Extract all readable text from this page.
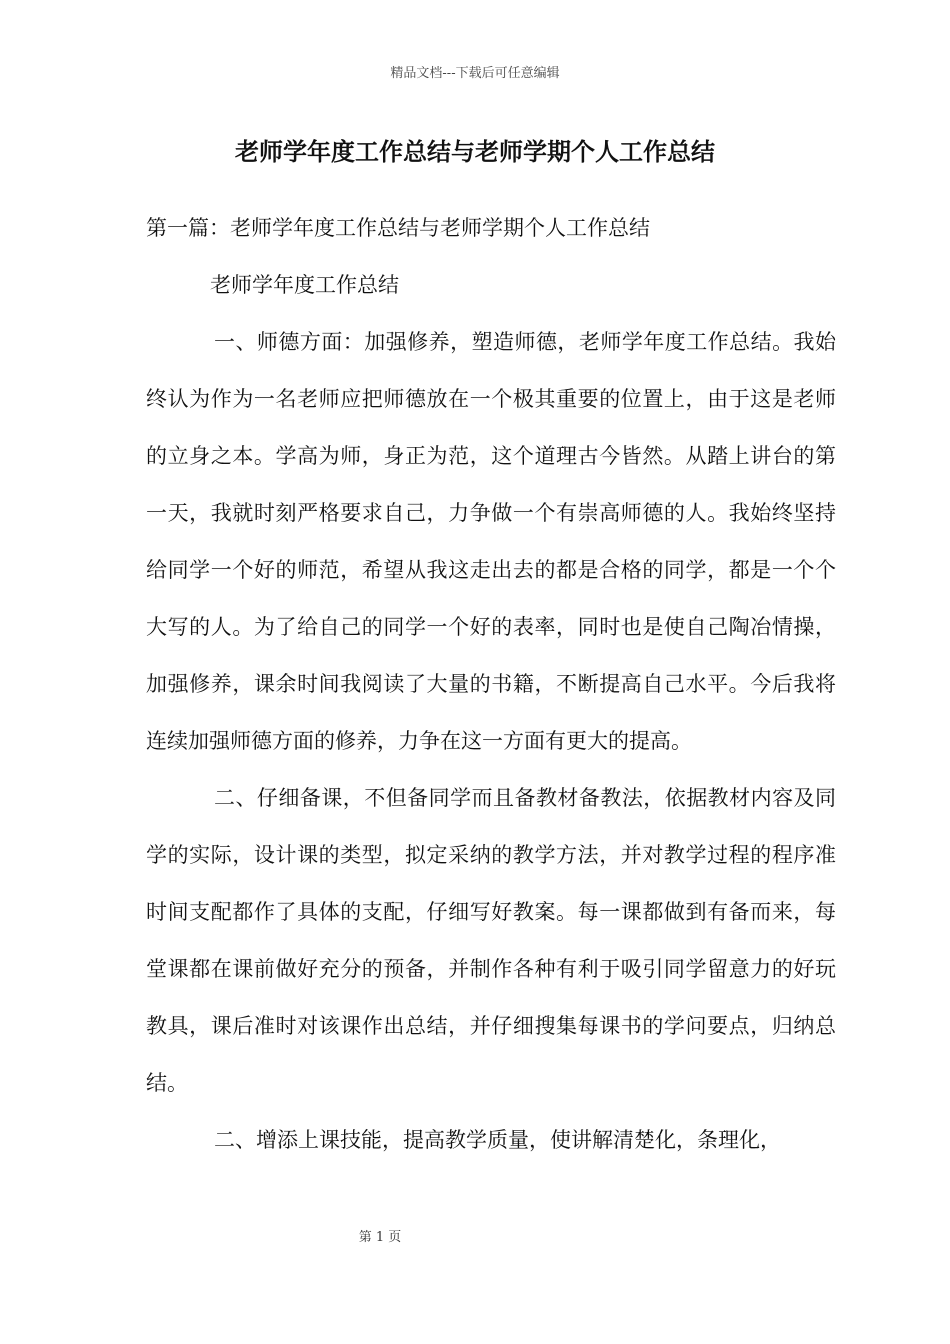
精品文档---下载后可任意编辑
老师学年度工作总结与老师学期个人工作总结

第一篇：老师学年度工作总结与老师学期个人工作总结

老师学年度工作总结

一、师德方面：加强修养，塑造师德，老师学年度工作总结。我始终认为作为一名老师应把师德放在一个极其重要的位置上，由于这是老师的立身之本。学高为师，身正为范，这个道理古今皆然。从踏上讲台的第一天，我就时刻严格要求自己，力争做一个有崇高师德的人。我始终坚持给同学一个好的师范，希望从我这走出去的都是合格的同学，都是一个个大写的人。为了给自己的同学一个好的表率，同时也是使自己陶冶情操，加强修养，课余时间我阅读了大量的书籍，不断提高自己水平。今后我将连续加强师德方面的修养，力争在这一方面有更大的提高。

二、仔细备课，不但备同学而且备教材备教法，依据教材内容及同学的实际，设计课的类型，拟定采纳的教学方法，并对教学过程的程序准时间支配都作了具体的支配，仔细写好教案。每一课都做到有备而来，每堂课都在课前做好充分的预备，并制作各种有利于吸引同学留意力的好玩教具，课后准时对该课作出总结，并仔细搜集每课书的学问要点，归纳总结。

二、增添上课技能，提高教学质量，使讲解清楚化，条理化，

第 1 页
